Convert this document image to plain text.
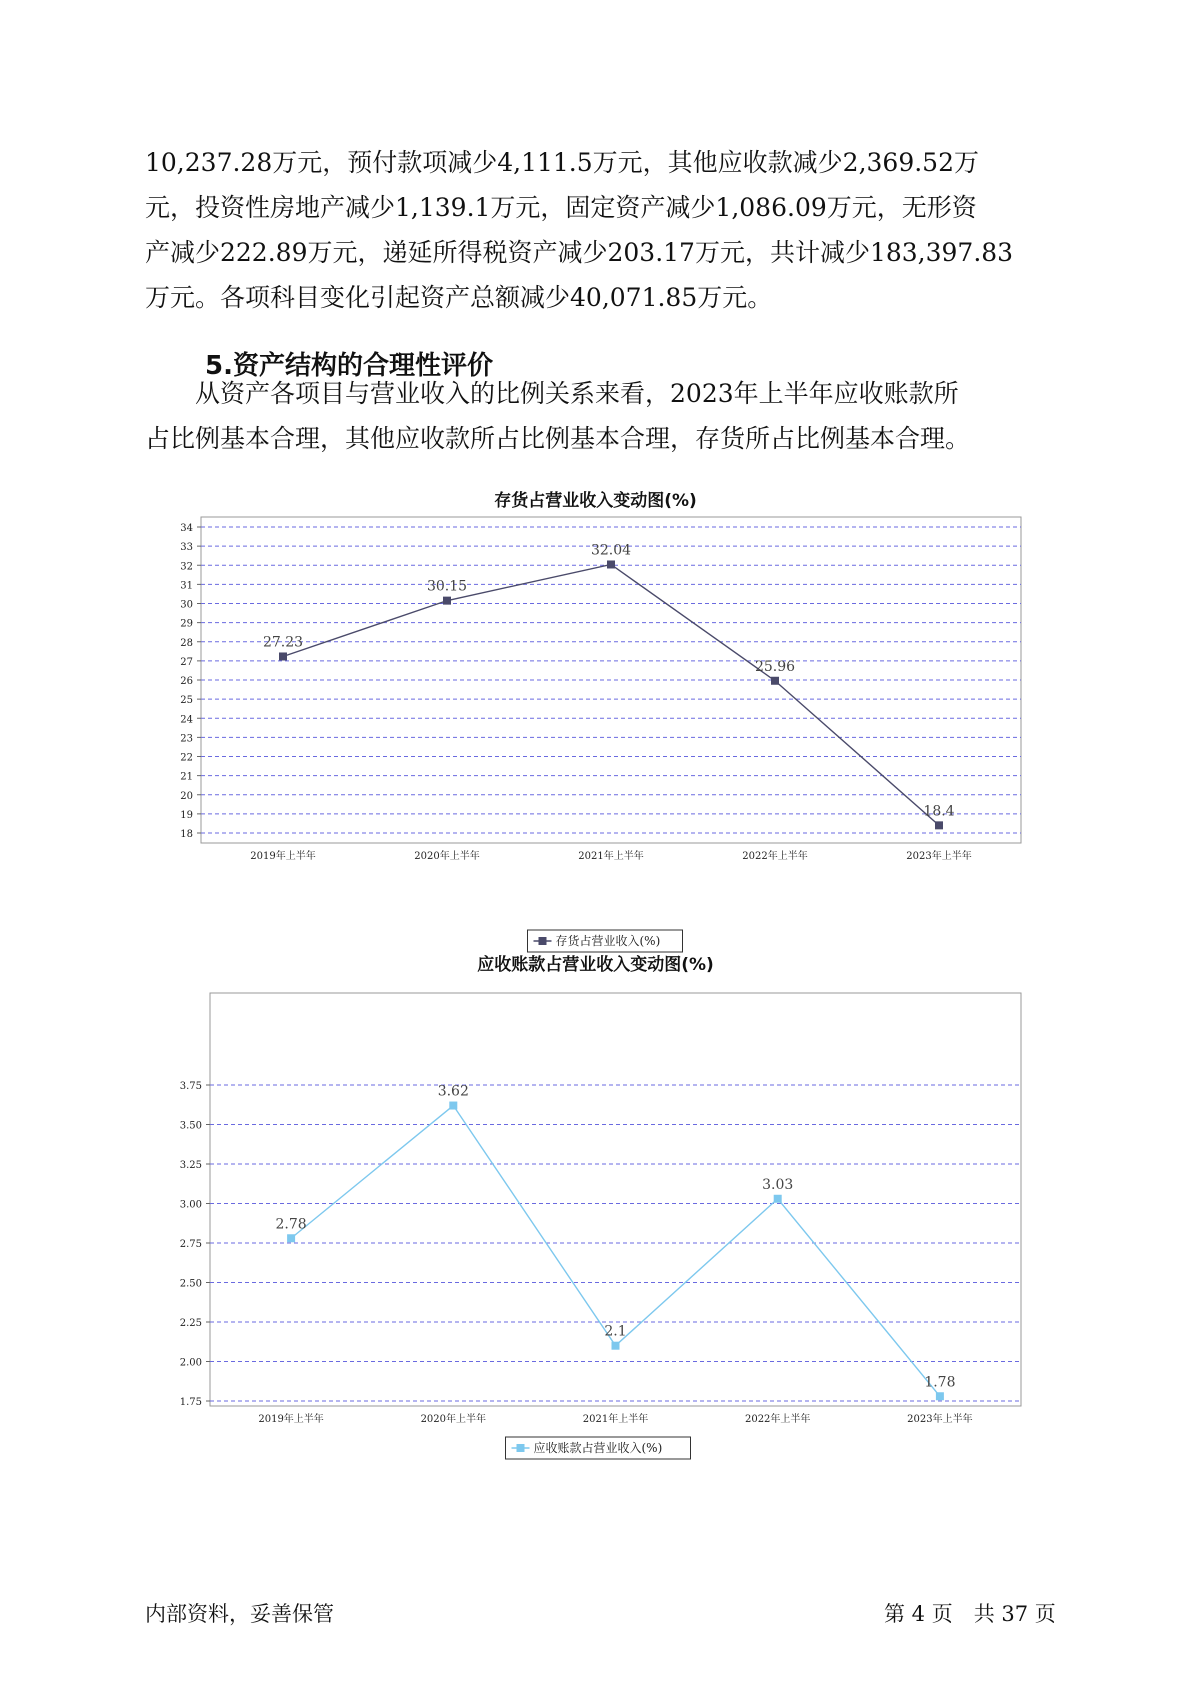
10,237.28万元，预付款项减少4,111.5万元，其他应收款减少2,369.52万
元，投资性房地产减少1,139.1万元，固定资产减少1,086.09万元，无形资
产减少222.89万元，递延所得税资产减少203.17万元，共计减少183,397.83
万元。各项科目变化引起资产总额减少40,071.85万元。
5.资产结构的合理性评价
从资产各项目与营业收入的比例关系来看，2023年上半年应收账款所
占比例基本合理，其他应收款所占比例基本合理，存货所占比例基本合理。
存货占营业收入变动图(%)
18
19
20
21
22
23
24
25
26
27
28
29
30
31
32
33
34
2019年上半年	2020年上半年	2021年上半年	2022年上半年	2023年上半年
27.23
30.15
32.04
25.96
18.4
存货占营业收入(%)
应收账款占营业收入变动图(%)
1.75
2.00
2.25
2.50
2.75
3.00
3.25
3.50
3.75
2019年上半年	2020年上半年	2021年上半年	2022年上半年	2023年上半年
2.78
3.62
2.1
3.03
1.78
应收账款占营业收入(%)
内部资料，妥善保管	第 4 页　共 37 页
